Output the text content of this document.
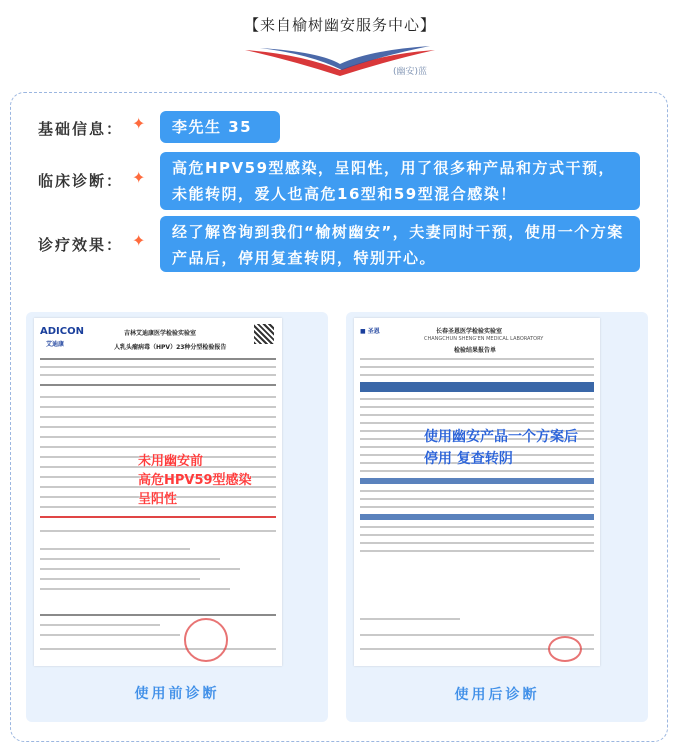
【来自榆树幽安服务中心】
(幽安)蓝
基础信息： ✦	李先生 35
临床诊断： ✦	高危HPV59型感染，呈阳性，用了很多种产品和方式干预，未能转阴，爱人也高危16型和59型混合感染！
诊疗效果： ✦	经了解咨询到我们“榆树幽安”，夫妻同时干预，使用一个方案产品后，停用复查转阴，特别开心。
ADICON
艾迪康
吉林艾迪康医学检验实验室
人乳头瘤病毒（HPV）23种分型检验报告
未用幽安前
高危HPV59型感染
呈阳性
使用前诊断
■ 圣恩	长春圣恩医学检验实验室
CHANGCHUN SHENG'EN MEDICAL LABORATORY
检验结果报告单
使用幽安产品一个方案后
停用 复查转阴
使用后诊断
